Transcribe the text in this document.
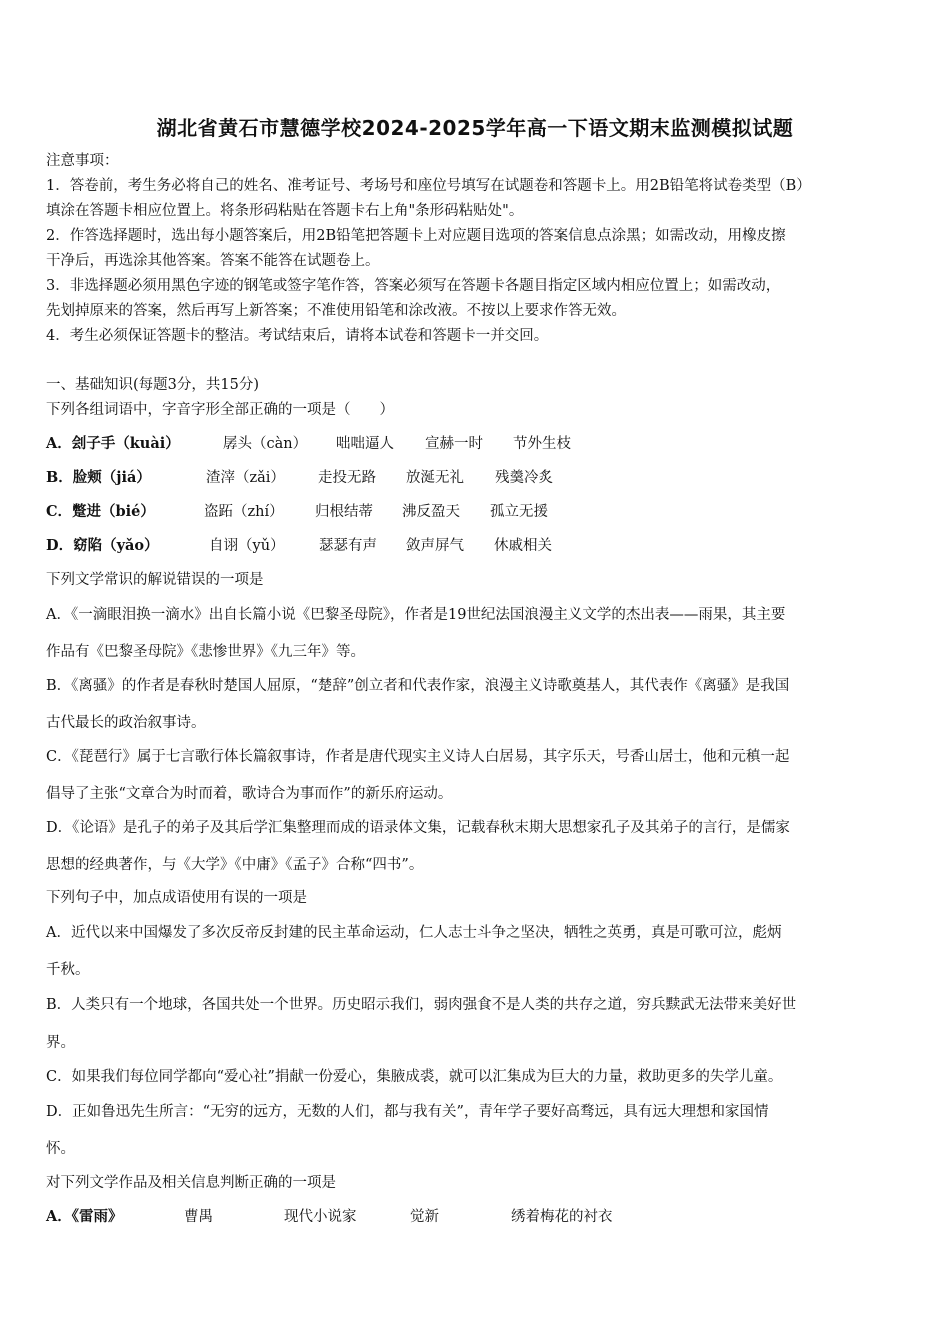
湖北省黄石市慧德学校2024-2025学年高一下语文期末监测模拟试题
注意事项：
1．答卷前，考生务必将自己的姓名、准考证号、考场号和座位号填写在试题卷和答题卡上。用2B铅笔将试卷类型（B）
填涂在答题卡相应位置上。将条形码粘贴在答题卡右上角"条形码粘贴处"。
2．作答选择题时，选出每小题答案后，用2B铅笔把答题卡上对应题目选项的答案信息点涂黑；如需改动，用橡皮擦
干净后，再选涂其他答案。答案不能答在试题卷上。
3．非选择题必须用黑色字迹的钢笔或签字笔作答，答案必须写在答题卡各题目指定区域内相应位置上；如需改动，
先划掉原来的答案，然后再写上新答案；不准使用铅笔和涂改液。不按以上要求作答无效。
4．考生必须保证答题卡的整洁。考试结束后，请将本试卷和答题卡一并交回。
一、基础知识(每题3分，共15分)
下列各组词语中，字音字形全部正确的一项是（　　）
A．刽子手（kuài）	孱头（càn） 咄咄逼人 宣赫一时 节外生枝
B．脸颊（jiá）	渣滓（zǎi） 走投无路 放涎无礼 残羹冷炙
C．蹩进（bié）	盗跖（zhí） 归根结蒂 沸反盈天 孤立无援
D．窈陷（yǎo）	自诩（yǔ） 瑟瑟有声 敛声屏气 休戚相关
下列文学常识的解说错误的一项是
A．《一滴眼泪换一滴水》出自长篇小说《巴黎圣母院》，作者是19世纪法国浪漫主义文学的杰出表——雨果，其主要
作品有《巴黎圣母院》《悲惨世界》《九三年》等。
B．《离骚》的作者是春秋时楚国人屈原，“楚辞”创立者和代表作家，浪漫主义诗歌奠基人，其代表作《离骚》是我国
古代最长的政治叙事诗。
C．《琵琶行》属于七言歌行体长篇叙事诗，作者是唐代现实主义诗人白居易，其字乐天，号香山居士，他和元稹一起
倡导了主张“文章合为时而着，歌诗合为事而作”的新乐府运动。
D．《论语》是孔子的弟子及其后学汇集整理而成的语录体文集，记载春秋末期大思想家孔子及其弟子的言行，是儒家
思想的经典著作，与《大学》《中庸》《孟子》合称“四书”。
下列句子中，加点成语使用有误的一项是
A．近代以来中国爆发了多次反帝反封建的民主革命运动，仁人志士斗争之坚决，牺牲之英勇，真是可歌可泣，彪炳
千秋。
B．人类只有一个地球，各国共处一个世界。历史昭示我们，弱肉强食不是人类的共存之道，穷兵黩武无法带来美好世
界。
C．如果我们每位同学都向“爱心社”捐献一份爱心，集腋成裘，就可以汇集成为巨大的力量，救助更多的失学儿童。
D．正如鲁迅先生所言：“无穷的远方，无数的人们，都与我有关”，青年学子要好高骛远，具有远大理想和家国情
怀。
对下列文学作品及相关信息判断正确的一项是
A．《雷雨》	曹禺	现代小说家	觉新	绣着梅花的衬衣
